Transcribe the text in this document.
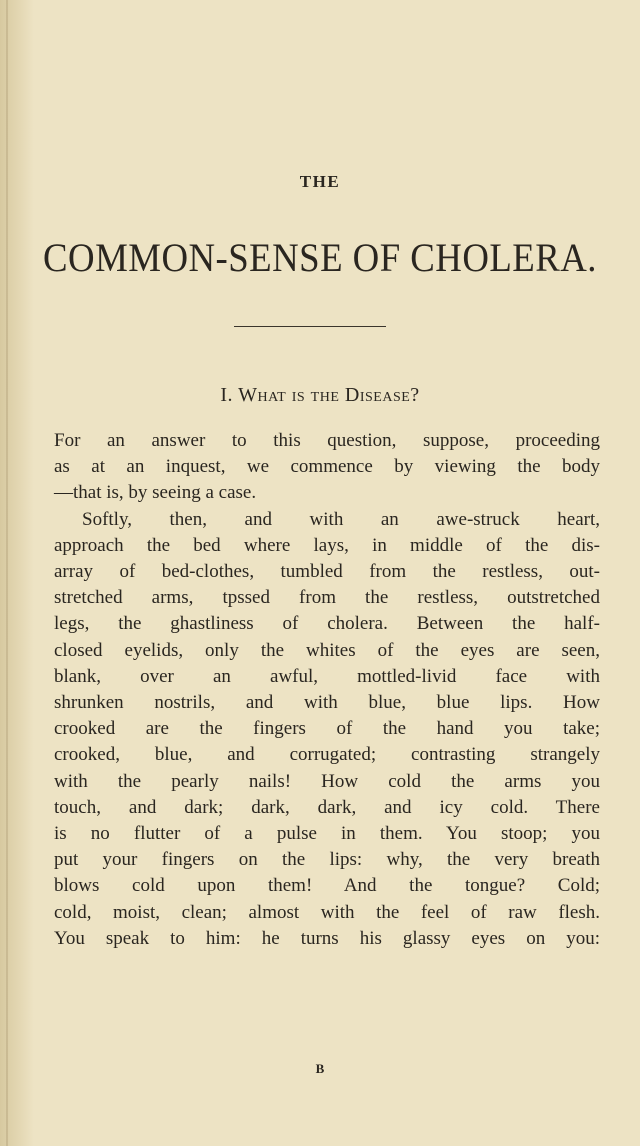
THE
COMMON-SENSE OF CHOLERA.
I. What is the Disease?
For an answer to this question, suppose, proceeding
as at an inquest, we commence by viewing the body
—that is, by seeing a case.
Softly, then, and with an awe-struck heart,
approach the bed where lays, in middle of the dis-
array of bed-clothes, tumbled from the restless, out-
stretched arms, tpssed from the restless, outstretched
legs, the ghastliness of cholera. Between the half-
closed eyelids, only the whites of the eyes are seen,
blank, over an awful, mottled-livid face with
shrunken nostrils, and with blue, blue lips. How
crooked are the fingers of the hand you take;
crooked, blue, and corrugated; contrasting strangely
with the pearly nails! How cold the arms you
touch, and dark; dark, dark, and icy cold. There
is no flutter of a pulse in them. You stoop; you
put your fingers on the lips: why, the very breath
blows cold upon them! And the tongue? Cold;
cold, moist, clean; almost with the feel of raw flesh.
You speak to him: he turns his glassy eyes on you:
B
